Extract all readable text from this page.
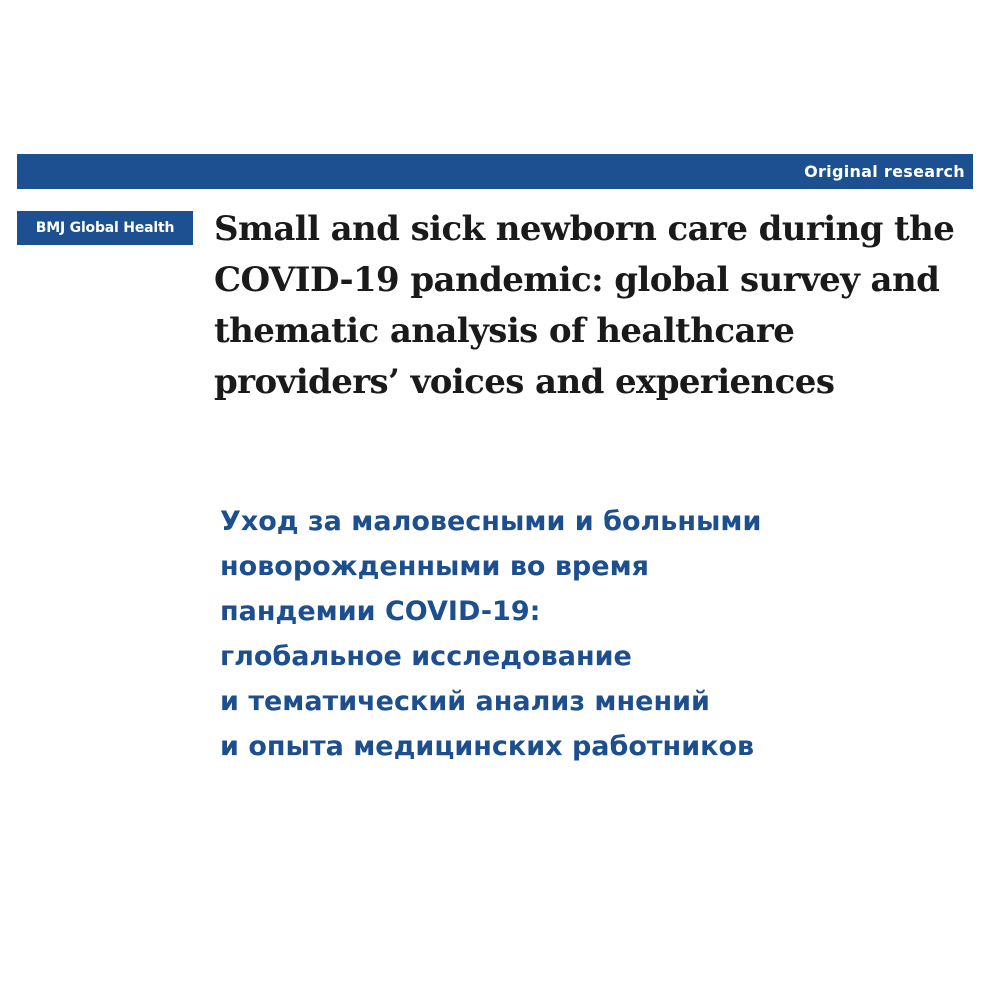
Original research
BMJ Global Health	Small and sick newborn care during the
COVID-19 pandemic: global survey and
thematic analysis of healthcare
providers’ voices and experiences
Уход за маловесными и больными
новорожденными во время
пандемии COVID-19:
глобальное исследование
и тематический анализ мнений
и опыта медицинских работников
